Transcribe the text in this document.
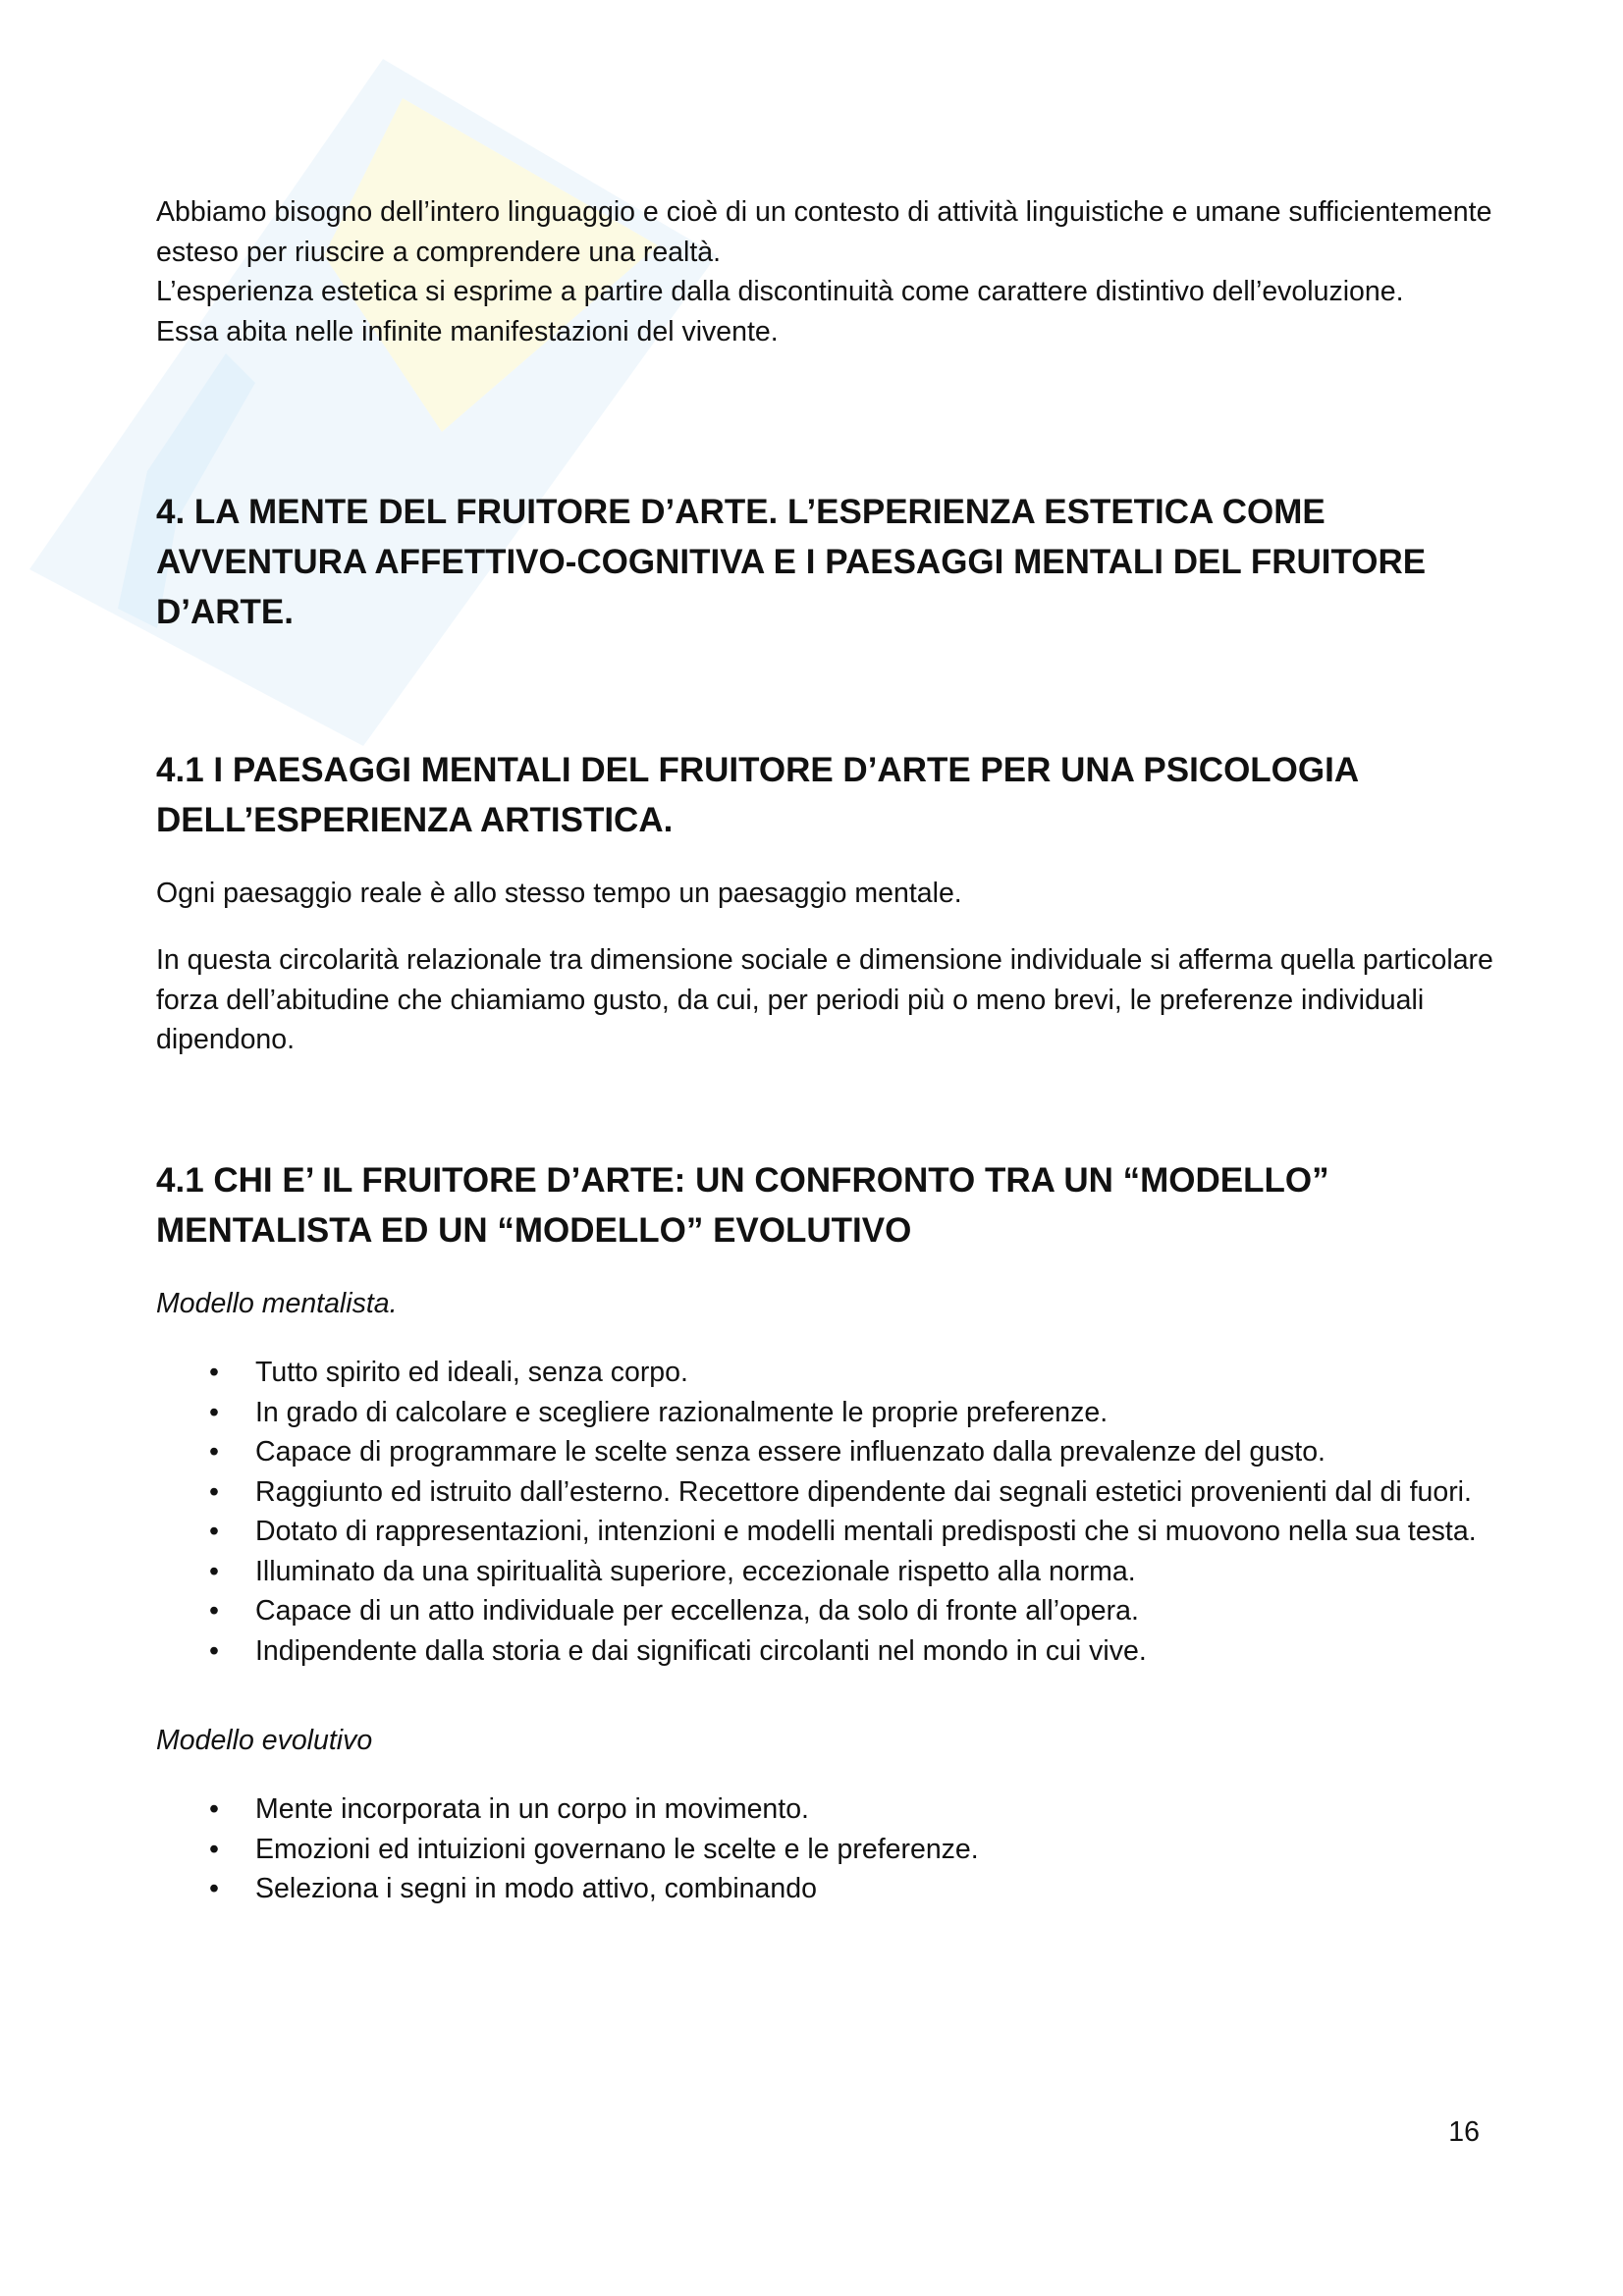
Abbiamo bisogno dell’intero linguaggio e cioè di un contesto di attività linguistiche e umane sufficientemente esteso per riuscire a comprendere una realtà.

L’esperienza estetica si esprime a partire dalla discontinuità come carattere distintivo dell’evoluzione.

Essa abita nelle infinite manifestazioni del vivente.

4. LA MENTE DEL FRUITORE D’ARTE. L’ESPERIENZA ESTETICA COME AVVENTURA AFFETTIVO-COGNITIVA E I PAESAGGI MENTALI DEL FRUITORE D’ARTE.
4.1 I PAESAGGI MENTALI DEL FRUITORE D’ARTE PER UNA PSICOLOGIA DELL’ESPERIENZA ARTISTICA.

Ogni paesaggio reale è allo stesso tempo un paesaggio mentale.

In questa circolarità relazionale tra dimensione sociale e dimensione individuale si afferma quella particolare forza dell’abitudine che chiamiamo gusto, da cui, per periodi più o meno brevi, le preferenze individuali dipendono.

4.1 CHI E’ IL FRUITORE D’ARTE: UN CONFRONTO TRA UN “MODELLO” MENTALISTA ED UN “MODELLO” EVOLUTIVO

Modello mentalista.

• Tutto spirito ed ideali, senza corpo.
• In grado di calcolare e scegliere razionalmente le proprie preferenze.
• Capace di programmare le scelte senza essere influenzato dalla prevalenze del gusto.
• Raggiunto ed istruito dall’esterno. Recettore dipendente dai segnali estetici provenienti dal di fuori.
• Dotato di rappresentazioni, intenzioni e modelli mentali predisposti che si muovono nella sua testa.
• Illuminato da una spiritualità superiore, eccezionale rispetto alla norma.
• Capace di un atto individuale per eccellenza, da solo di fronte all’opera.
• Indipendente dalla storia e dai significati circolanti nel mondo in cui vive.

Modello evolutivo

• Mente incorporata in un corpo in movimento.
• Emozioni ed intuizioni governano le scelte e le preferenze.
• Seleziona i segni in modo attivo, combinando
16
